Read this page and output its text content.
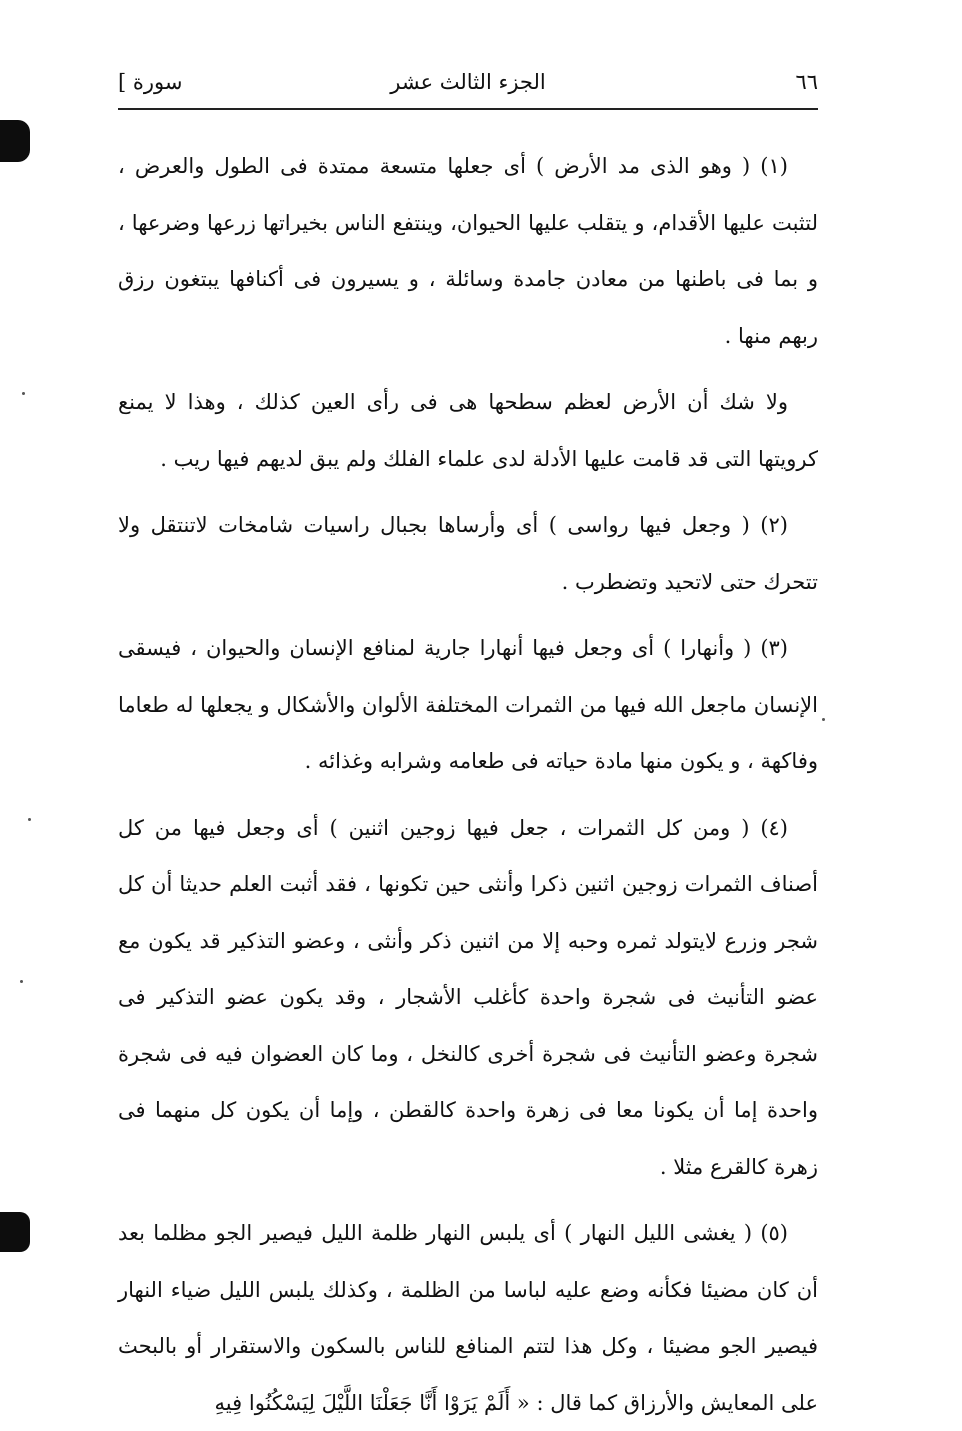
[ سورة	الجزء الثالث عشر	٦٦

(١) ( وهو الذى مد الأرض ) أى جعلها متسعة ممتدة فى الطول والعرض ، لتثبت عليها الأقدام، و يتقلب عليها الحيوان، وينتفع الناس بخيراتها زرعها وضرعها ، و بما فى باطنها من معادن جامدة وسائلة ، و يسيرون فى أكنافها يبتغون رزق ربهم منها .

ولا شك أن الأرض لعظم سطحها هى فى رأى العين كذلك ، وهذا لا يمنع كرويتها التى قد قامت عليها الأدلة لدى علماء الفلك ولم يبق لديهم فيها ريب .

(٢) ( وجعل فيها رواسى ) أى وأرساها بجبال راسيات شامخات لاتنتقل ولا تتحرك حتى لاتحيد وتضطرب .

(٣) ( وأنهارا ) أى وجعل فيها أنهارا جارية لمنافع الإنسان والحيوان ، فيسقى الإنسان ماجعل الله فيها من الثمرات المختلفة الألوان والأشكال و يجعلها له طعاما وفاكهة ، و يكون منها مادة حياته فى طعامه وشرابه وغذائه .

(٤) ( ومن كل الثمرات ، جعل فيها زوجين اثنين ) أى وجعل فيها من كل أصناف الثمرات زوجين اثنين ذكرا وأنثى حين تكونها ، فقد أثبت العلم حديثا أن كل شجر وزرع لايتولد ثمره وحبه إلا من اثنين ذكر وأنثى ، وعضو التذكير قد يكون مع عضو التأنيث فى شجرة واحدة كأغلب الأشجار ، وقد يكون عضو التذكير فى شجرة وعضو التأنيث فى شجرة أخرى كالنخل ، وما كان العضوان فيه فى شجرة واحدة إما أن يكونا معا فى زهرة واحدة كالقطن ، وإما أن يكون كل منهما فى زهرة كالقرع مثلا .

(٥) ( يغشى الليل النهار ) أى يلبس النهار ظلمة الليل فيصير الجو مظلما بعد أن كان مضيئا فكأنه وضع عليه لباسا من الظلمة ، وكذلك يلبس الليل ضياء النهار فيصير الجو مضيئا ، وكل هذا لتتم المنافع للناس بالسكون والاستقرار أو بالبحث على المعايش والأرزاق كما قال : « أَلَمْ يَرَوْا أَنَّا جَعَلْنَا اللَّيْلَ لِيَسْكُنُوا فِيهِ
